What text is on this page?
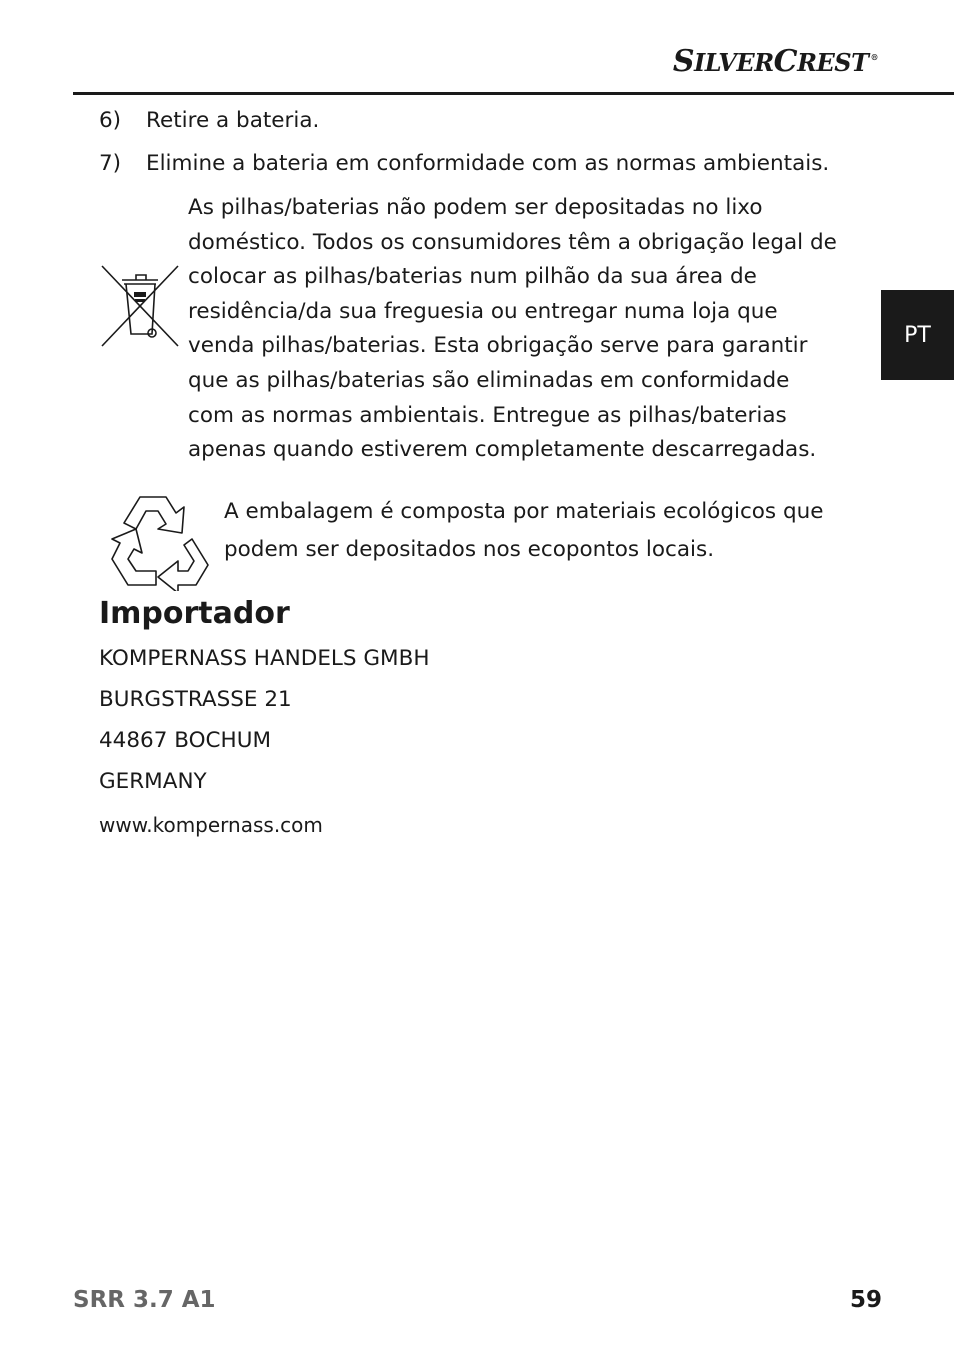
SILVERCREST ®
PT
6) Retire a bateria.
7) Elimine a bateria em conformidade com as normas ambientais.
As pilhas/baterias não podem ser depositadas no lixo doméstico. Todos os consumidores têm a obrigação legal de colocar as pilhas/baterias num pilhão da sua área de residência/da sua freguesia ou entregar numa loja que venda pilhas/baterias. Esta obrigação serve para garantir que as pilhas/baterias são eliminadas em conformidade com as normas ambientais. Entregue as pilhas/baterias apenas quando estiverem completamente descarregadas.
A embalagem é composta por materiais ecológicos que podem ser depositados nos ecopontos locais.
Importador
KOMPERNASS HANDELS GMBH
BURGSTRASSE 21
44867 BOCHUM
GERMANY
www.kompernass.com
SRR 3.7 A1	59
